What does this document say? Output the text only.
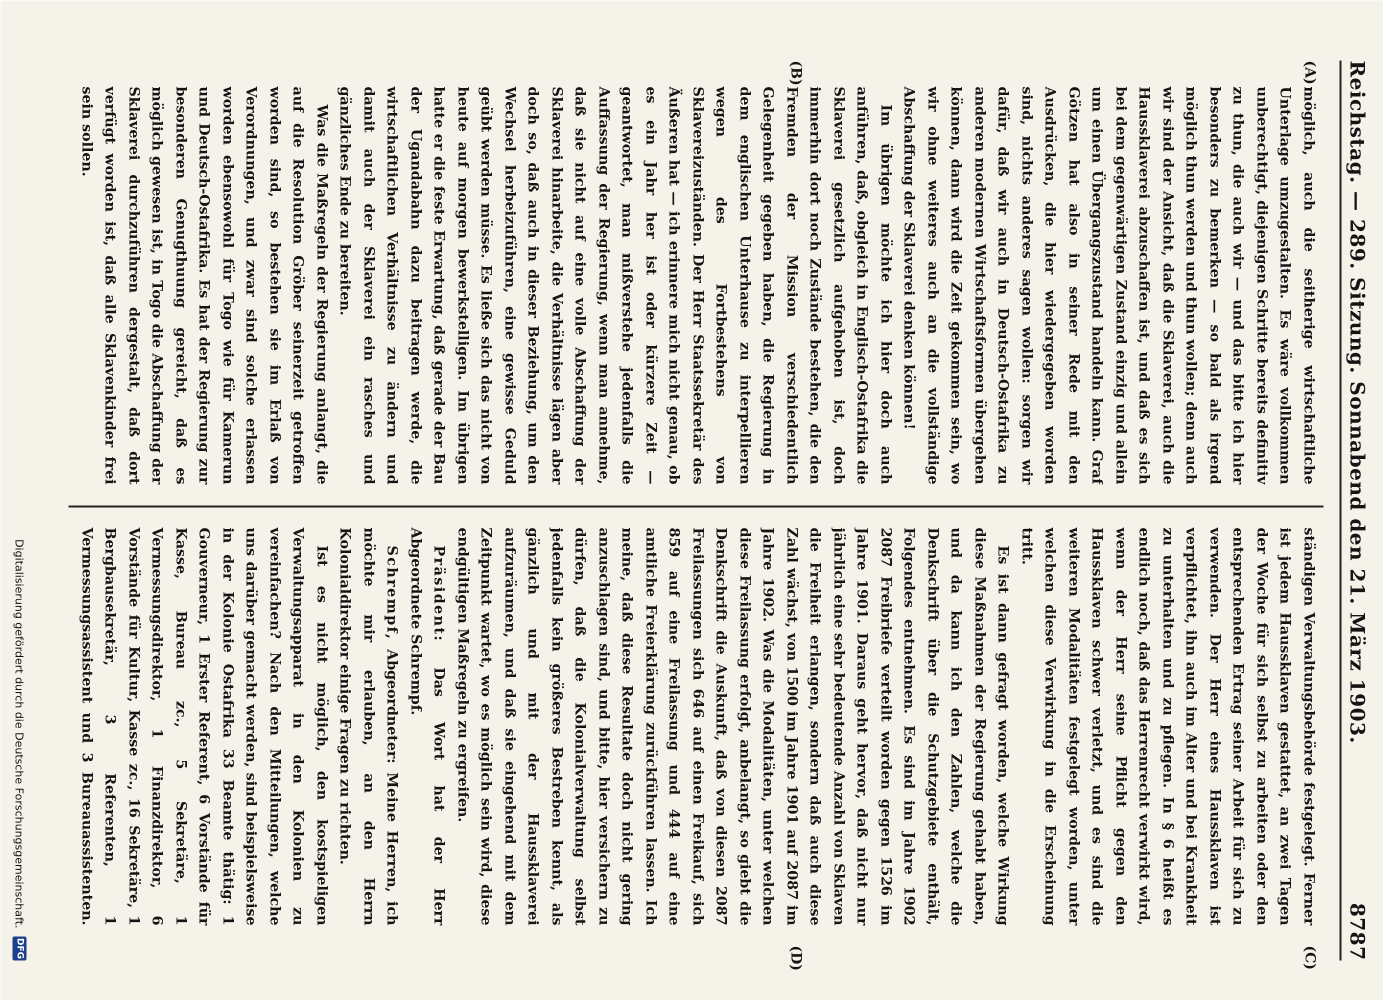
Reichstag. — 289. Sitzung. Sonnabend den 21. März 1903.
8787
(A)
(B)
(C)
(D)

möglich, auch die seitherige wirtschaftliche Unterlage umzugestalten. Es wäre vollkommen unberechtigt, diejenigen Schritte bereits definitiv zu thun, die auch wir — und das bitte ich hier besonders zu bemerken — so bald als irgend möglich thun werden und thun wollen; denn auch wir sind der Ansicht, daß die Sklaverei, auch die Haussklaverei abzuschaffen ist, und daß es sich bei dem gegenwärtigen Zustand einzig und allein um einen Übergangszustand handeln kann. Graf Götzen hat also in seiner Rede mit den Ausdrücken, die hier wiedergegeben worden sind, nichts anderes sagen wollen: sorgen wir dafür, daß wir auch in Deutsch-Ostafrika zu anderen modernen Wirtschaftsformen übergehen können, dann wird die Zeit gekommen sein, wo wir ohne weiteres auch an die vollständige Abschaffung der Sklaverei denken können!

Im übrigen möchte ich hier doch auch anführen, daß, obgleich in Englisch-Ostafrika die Sklaverei gesetzlich aufgehoben ist, doch immerhin dort noch Zustände bestehen, die den Fremden der Mission verschiedentlich Gelegenheit gegeben haben, die Regierung in dem englischen Unterhause zu interpellieren wegen des Fortbestehens von Sklavereizuständen. Der Herr Staatssekretär des Äußeren hat — ich erinnere mich nicht genau, ob es ein Jahr her ist oder kürzere Zeit — geantwortet, man mißverstehe jedenfalls die Auffassung der Regierung, wenn man annehme, daß sie nicht auf eine volle Abschaffung der Sklaverei hinarbeite, die Verhältnisse lägen aber doch so, daß auch in dieser Beziehung, um den Wechsel herbeizuführen, eine gewisse Geduld geübt werden müsse. Es ließe sich das nicht von heute auf morgen bewerkstelligen. Im übrigen hatte er die feste Erwartung, daß gerade der Bau der Ugandabahn dazu beitragen werde, die wirtschaftlichen Verhältnisse zu ändern und damit auch der Sklaverei ein rasches und gänzliches Ende zu bereiten.

Was die Maßregeln der Regierung anlangt, die auf die Resolution Gröber seinerzeit getroffen worden sind, so bestehen sie im Erlaß von Verordnungen, und zwar sind solche erlassen worden ebensowohl für Togo wie für Kamerun und Deutsch-Ostafrika. Es hat der Regierung zur besonderen Genugthuung gereicht, daß es möglich gewesen ist, in Togo die Abschaffung der Sklaverei durchzuführen dergestalt, daß dort verfügt worden ist, daß alle Sklavenkinder frei sein sollen.

ständigen Verwaltungsbehörde festgelegt. Ferner ist jedem Haussklaven gestattet, an zwei Tagen der Woche für sich selbst zu arbeiten oder den entsprechenden Ertrag seiner Arbeit für sich zu verwenden. Der Herr eines Haussklaven ist verpflichtet, ihn auch im Alter und bei Krankheit zu unterhalten und zu pflegen. In § 6 heißt es endlich noch, daß das Herrenrecht verwirkt wird, wenn der Herr seine Pflicht gegen den Haussklaven schwer verletzt, und es sind die weiteren Modalitäten festgelegt worden, unter welchen diese Verwirkung in die Erscheinung tritt.

Es ist dann gefragt worden, welche Wirkung diese Maßnahmen der Regierung gehabt haben, und da kann ich den Zahlen, welche die Denkschrift über die Schutzgebiete enthält, Folgendes entnehmen. Es sind im Jahre 1902 2087 Freibriefe verteilt worden gegen 1526 im Jahre 1901. Daraus geht hervor, daß nicht nur jährlich eine sehr bedeutende Anzahl von Sklaven die Freiheit erlangen, sondern daß auch diese Zahl wächst, von 1500 im Jahre 1901 auf 2087 im Jahre 1902. Was die Modalitäten, unter welchen diese Freilassung erfolgt, anbelangt, so giebt die Denkschrift die Auskunft, daß von diesen 2087 Freilassungen sich 646 auf einen Freikauf, sich 859 auf eine Freilassung und 444 auf eine amtliche Freierklärung zurückführen lassen. Ich meine, daß diese Resultate doch nicht gering anzuschlagen sind, und bitte, hier versichern zu dürfen, daß die Kolonialverwaltung selbst jedenfalls kein größeres Bestreben kennt, als gänzlich und mit der Haussklaverei aufzuräumen, und daß sie eingehend mit dem Zeitpunkt wartet, wo es möglich sein wird, diese endgültigen Maßregeln zu ergreifen.

Präsident: Das Wort hat der Herr Abgeordnete Schrempf.

Schrempf, Abgeordneter: Meine Herren, ich möchte mir erlauben, an den Herrn Kolonialdirektor einige Fragen zu richten.

Ist es nicht möglich, den kostspieligen Verwaltungsapparat in den Kolonien zu vereinfachen? Nach den Mitteilungen, welche uns darüber gemacht werden, sind beispielsweise in der Kolonie Ostafrika 33 Beamte thätig: 1 Gouverneur, 1 Erster Referent, 6 Vorstände für Kasse, Bureau zc., 5 Sekretäre, 1 Vermessungsdirektor, 1 Finanzdirektor, 6 Vorstände für Kultur, Kasse zc., 16 Sekretäre, 1 Bergbausekretär, 3 Referenten, 1 Vermessungsassistent und 3 Bureauassistenten.

Digitalisierung gefördert durch die Deutsche Forschungsgemeinschaft.
DFG
